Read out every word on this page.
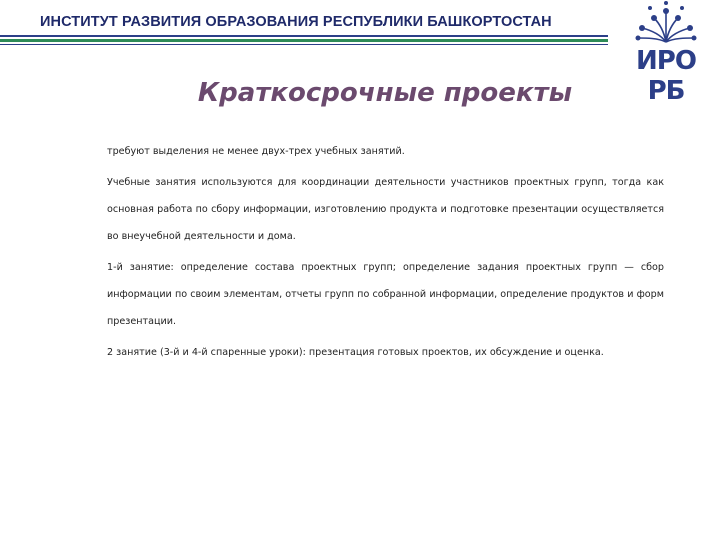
ИНСТИТУТ РАЗВИТИЯ ОБРАЗОВАНИЯ РЕСПУБЛИКИ БАШКОРТОСТАН
ИРО РБ
Краткосрочные проекты

требуют выделения не менее двух-трех учебных занятий.

Учебные занятия используются для координации деятельности участников проектных групп, тогда как основная работа по сбору информации, изготовлению продукта и подготовке презентации осуществляется во внеучебной деятельности и дома.

1-й занятие: определение состава проектных групп; определение задания проектных групп — сбор информации по своим элементам, отчеты групп по собранной информации, определение продуктов и форм презентации.

2 занятие (3-й и 4-й спаренные уроки): презентация готовых проектов, их обсуждение и оценка.
